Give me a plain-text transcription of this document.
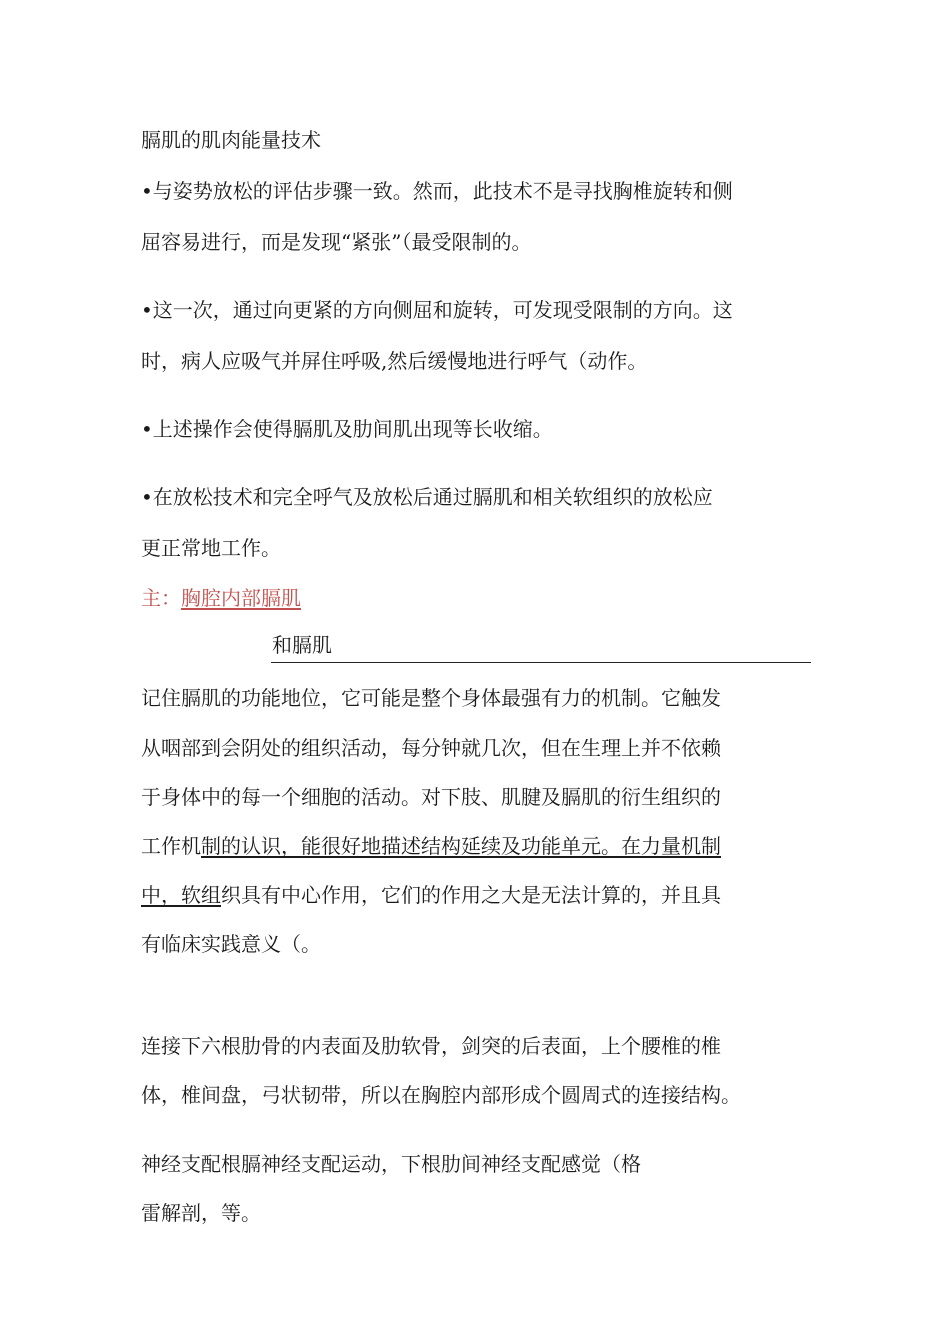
膈肌的肌肉能量技术
•与姿势放松的评估步骤一致。然而，此技术不是寻找胸椎旋转和侧
屈容易进行，而是发现“紧张”（最受限制的。
•这一次，通过向更紧的方向侧屈和旋转，可发现受限制的方向。这
时，病人应吸气并屏住呼吸,然后缓慢地进行呼气（动作。
•上述操作会使得膈肌及肋间肌出现等长收缩。
•在放松技术和完全呼气及放松后通过膈肌和相关软组织的放松应
更正常地工作。
主：胸腔内部膈肌
和膈肌
记住膈肌的功能地位，它可能是整个身体最强有力的机制。它触发
从咽部到会阴处的组织活动，每分钟就几次，但在生理上并不依赖
于身体中的每一个细胞的活动。对下肢、肌腱及膈肌的衍生组织的
工作机制的认识，能很好地描述结构延续及功能单元。在力量机制
中，软组织具有中心作用，它们的作用之大是无法计算的，并且具
有临床实践意义（。
连接下六根肋骨的内表面及肋软骨，剑突的后表面，上个腰椎的椎
体，椎间盘，弓状韧带，所以在胸腔内部形成个圆周式的连接结构。
神经支配根膈神经支配运动，下根肋间神经支配感觉（格
雷解剖，等。
